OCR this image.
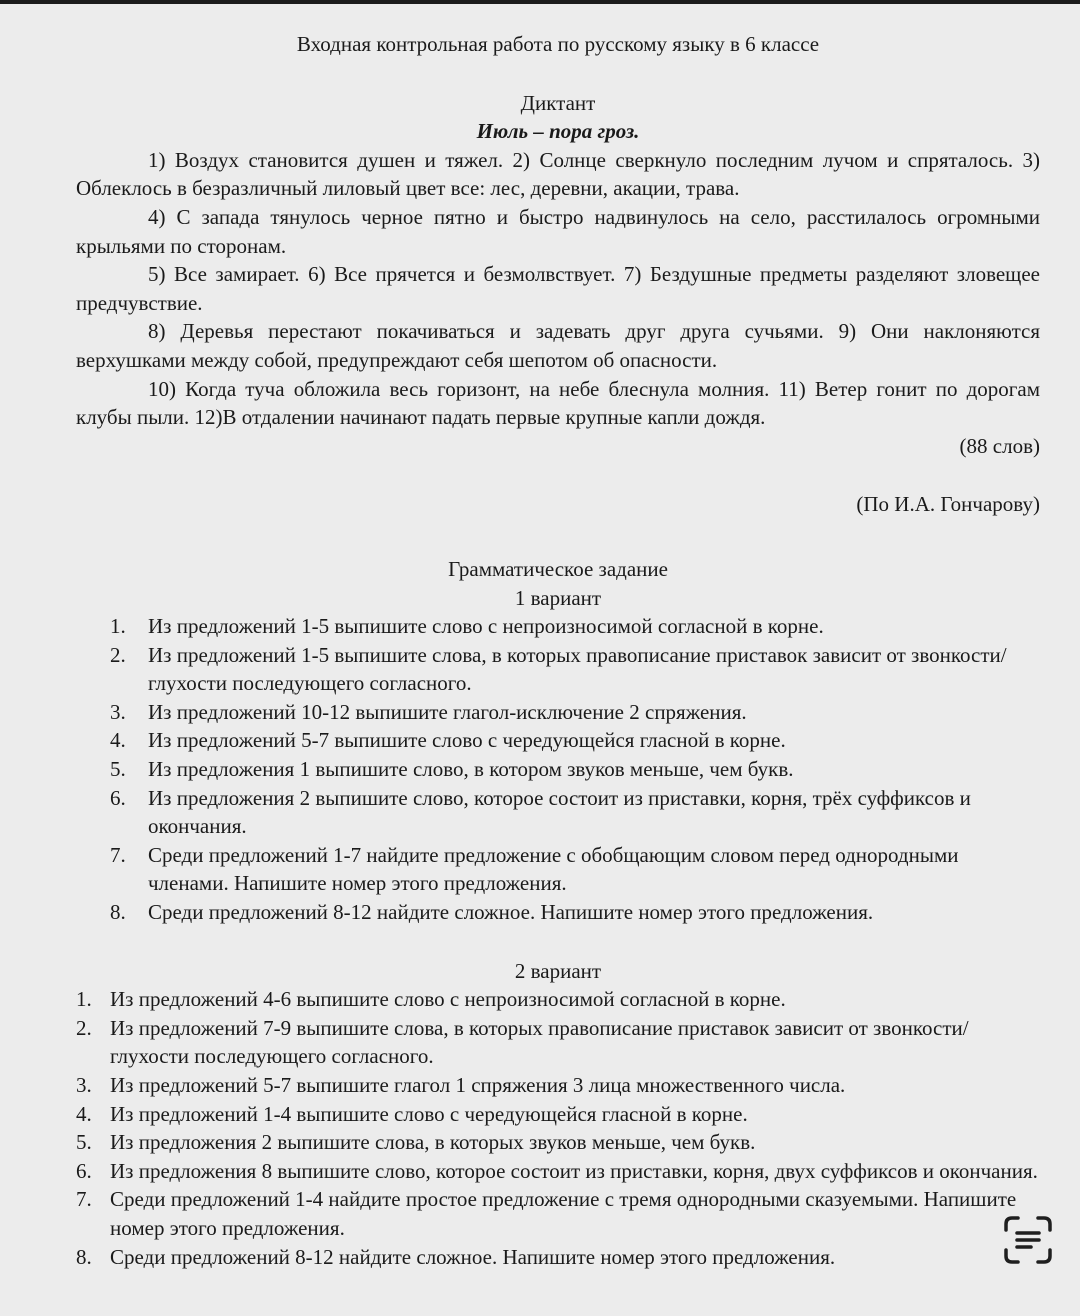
Входная контрольная работа по русскому языку в 6 классе

Диктант

Июль – пора гроз.

1) Воздух становится душен и тяжел. 2) Солнце сверкнуло последним лучом и спряталось. 3) Облеклось в безразличный лиловый цвет все: лес, деревни, акации, трава.

4) С запада тянулось черное пятно и быстро надвинулось на село, расстилалось огромными крыльями по сторонам.

5) Все замирает. 6) Все прячется и безмолвствует. 7) Бездушные предметы разделяют зловещее предчувствие.

8) Деревья перестают покачиваться и задевать друг друга сучьями. 9) Они наклоняются верхушками между собой, предупреждают себя шепотом об опасности.

10) Когда туча обложила весь горизонт, на небе блеснула молния. 11) Ветер гонит по дорогам клубы пыли. 12)В отдалении начинают падать первые крупные капли дождя.

(88 слов)

(По И.А. Гончарову)

Грамматическое задание

1 вариант

1. Из предложений 1-5 выпишите слово с непроизносимой согласной в корне.
2. Из предложений 1-5 выпишите слова, в которых правописание приставок зависит от звонкости/глухости последующего согласного.
3. Из предложений 10-12 выпишите глагол-исключение 2 спряжения.
4. Из предложений 5-7 выпишите слово с чередующейся гласной в корне.
5. Из предложения 1 выпишите слово, в котором звуков меньше, чем букв.
6. Из предложения 2 выпишите слово, которое состоит из приставки, корня, трёх суффиксов и окончания.
7. Среди предложений 1-7 найдите предложение с обобщающим словом перед однородными членами. Напишите номер этого предложения.
8. Среди предложений 8-12 найдите сложное. Напишите номер этого предложения.

2 вариант

1. Из предложений 4-6 выпишите слово с непроизносимой согласной в корне.
2. Из предложений 7-9 выпишите слова, в которых правописание приставок зависит от звонкости/глухости последующего согласного.
3. Из предложений 5-7 выпишите глагол 1 спряжения 3 лица множественного числа.
4. Из предложений 1-4 выпишите слово с чередующейся гласной в корне.
5. Из предложения 2 выпишите слова, в которых звуков меньше, чем букв.
6. Из предложения 8 выпишите слово, которое состоит из приставки, корня, двух суффиксов и окончания.
7. Среди предложений 1-4 найдите простое предложение с тремя однородными сказуемыми. Напишите номер этого предложения.
8. Среди предложений 8-12 найдите сложное. Напишите номер этого предложения.
